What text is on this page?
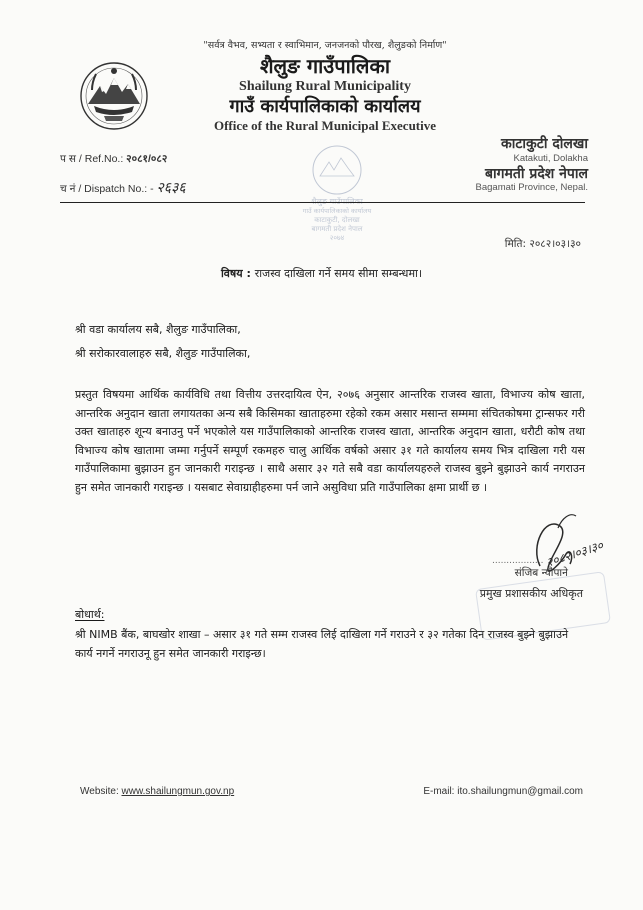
"सर्वत्र वैभव, सभ्यता र स्वाभिमान, जनजनको पौरख, शैलुङको निर्माण"
शैलुङ गाउँपालिका
Shailung Rural Municipality
गाउँ कार्यपालिकाको कार्यालय
Office of the Rural Municipal Executive
काटाकुटी दोलखा
Katakuti, Dolakha
बागमती प्रदेश नेपाल
Bagamati Province, Nepal.
प स / Ref.No.: २०८१/०८२
च नं / Dispatch No.: - २६३६
शैलुङ गाउँपालिका
गाउँ कार्यपालिकाको कार्यालय
काटाकुटी, दोलखा
बागमती प्रदेश नेपाल
२०७४	मिति: २०८२।०३।३०
विषय : राजस्व दाखिला गर्ने समय सीमा सम्बन्धमा।
श्री वडा कार्यालय सबै, शैलुङ गाउँपालिका,
श्री सरोकारवालाहरु सबै, शैलुङ गाउँपालिका,

प्रस्तुत विषयमा आर्थिक कार्यविधि तथा वित्तीय उत्तरदायित्व ऐन, २०७६ अनुसार आन्तरिक राजस्व खाता, विभाज्य कोष खाता, आन्तरिक अनुदान खाता लगायतका अन्य सबै किसिमका खाताहरुमा रहेको रकम असार मसान्त सम्ममा संचितकोषमा ट्रान्सफर गरी उक्त खाताहरु शून्य बनाउनु पर्ने भएकोले यस गाउँपालिकाको आन्तरिक राजस्व खाता, आन्तरिक अनुदान खाता, धरौटी कोष तथा विभाज्य कोष खातामा जम्मा गर्नुपर्ने सम्पूर्ण रकमहरु चालु आर्थिक वर्षको असार ३१ गते कार्यालय समय भित्र दाखिला गरी यस गाउँपालिकामा बुझाउन हुन जानकारी गराइन्छ । साथै असार ३२ गते सबै वडा कार्यालयहरुले राजस्व बुझ्ने बुझाउने कार्य नगराउन हुन समेत जानकारी गराइन्छ । यसबाट सेवाग्राहीहरुमा पर्न जाने असुविधा प्रति गाउँपालिका क्षमा प्रार्थी छ ।

.................. २०८२।०३।३०
संजिब न्यौपाने
प्रमुख प्रशासकीय अधिकृत
बोधार्थ:
श्री NIMB बैंक, बाघखोर शाखा – असार ३१ गते सम्म राजस्व लिई दाखिला गर्ने गराउने र ३२ गतेका दिन राजस्व बुझ्ने बुझाउने कार्य नगर्ने नगराउनू हुन समेत जानकारी गराइन्छ।
Website: www.shailungmun.gov.np	E-mail: ito.shailungmun@gmail.com
